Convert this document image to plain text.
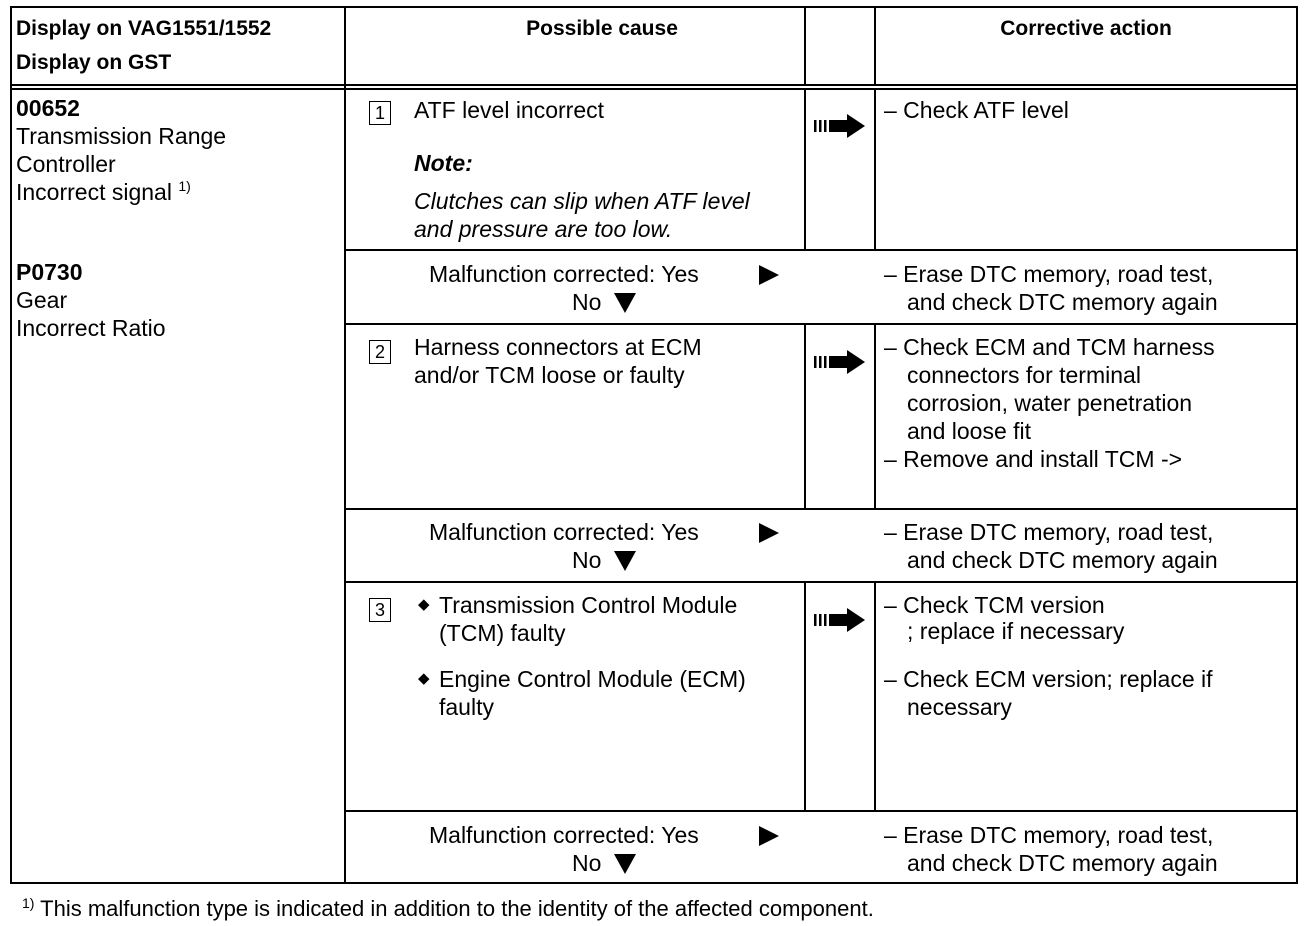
Display on VAG1551/1552
Display on GST
Possible cause	Corrective action
00652
Transmission Range
Controller
Incorrect signal $^{1)}$
P0730
Gear
Incorrect Ratio
1 ATF level incorrect
Note:
Clutches can slip when ATF level
and pressure are too low.
– Check ATF level
Malfunction corrected: Yes
No
– Erase DTC memory, road test,
and check DTC memory again
2 Harness connectors at ECM
and/or TCM loose or faulty
– Check ECM and TCM harness
connectors for terminal
corrosion, water penetration
and loose fit
– Remove and install TCM ->
Malfunction corrected: Yes
No
– Erase DTC memory, road test,
and check DTC memory again
3	◆ Transmission Control Module
(TCM) faulty
◆ Engine Control Module (ECM)
faulty
– Check TCM version
; replace if necessary
– Check ECM version; replace if
necessary
Malfunction corrected: Yes
No
– Erase DTC memory, road test,
and check DTC memory again
$^{1)}$ This malfunction type is indicated in addition to the identity of the affected component.
